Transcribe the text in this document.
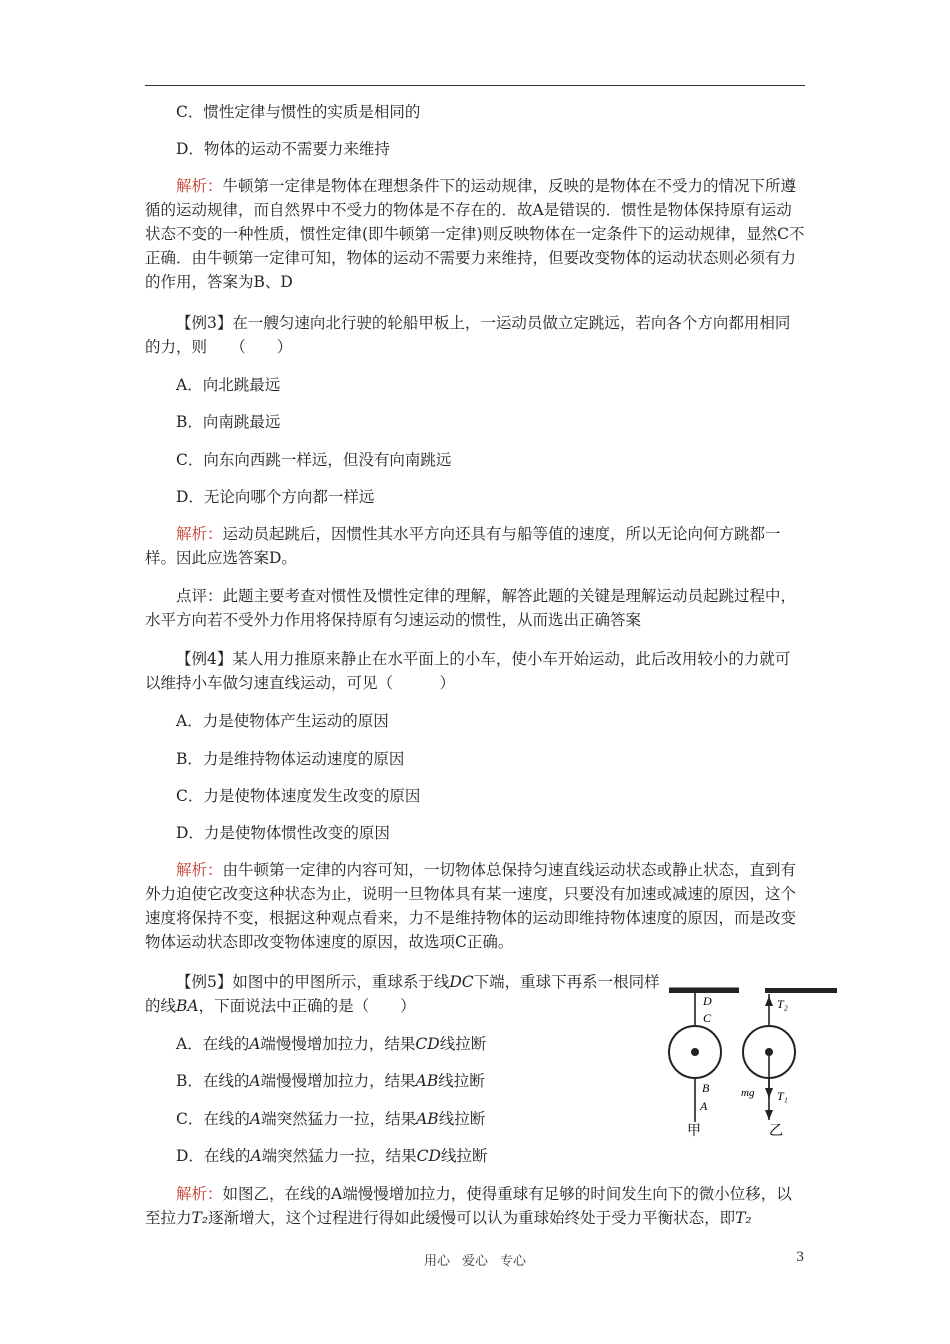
C．惯性定律与惯性的实质是相同的
D．物体的运动不需要力来维持
解析：牛顿第一定律是物体在理想条件下的运动规律，反映的是物体在不受力的情况下所遵循的运动规律，而自然界中不受力的物体是不存在的．故A是错误的．惯性是物体保持原有运动状态不变的一种性质，惯性定律(即牛顿第一定律)则反映物体在一定条件下的运动规律，显然C不正确．由牛顿第一定律可知，物体的运动不需要力来维持，但要改变物体的运动状态则必须有力的作用，答案为B、D
【例3】在一艘匀速向北行驶的轮船甲板上，一运动员做立定跳远，若向各个方向都用相同的力，则　　（　　）
A．向北跳最远
B．向南跳最远
C．向东向西跳一样远，但没有向南跳远
D．无论向哪个方向都一样远
解析：运动员起跳后，因惯性其水平方向还具有与船等值的速度，所以无论向何方跳都一样。因此应选答案D。
点评：此题主要考查对惯性及惯性定律的理解，解答此题的关键是理解运动员起跳过程中，水平方向若不受外力作用将保持原有匀速运动的惯性，从而选出正确答案
【例4】某人用力推原来静止在水平面上的小车，使小车开始运动，此后改用较小的力就可以维持小车做匀速直线运动，可见（　　　）
A．力是使物体产生运动的原因
B．力是维持物体运动速度的原因
C．力是使物体速度发生改变的原因
D．力是使物体惯性改变的原因
解析：由牛顿第一定律的内容可知，一切物体总保持匀速直线运动状态或静止状态，直到有外力迫使它改变这种状态为止，说明一旦物体具有某一速度，只要没有加速或减速的原因，这个速度将保持不变，根据这种观点看来，力不是维持物体的运动即维持物体速度的原因，而是改变物体运动状态即改变物体速度的原因，故选项C正确。
【例5】如图中的甲图所示，重球系于线DC下端，重球下再系一根同样的线BA，下面说法中正确的是（　　）
A．在线的A端慢慢增加拉力，结果CD线拉断
B．在线的A端慢慢增加拉力，结果AB线拉断
C．在线的A端突然猛力一拉，结果AB线拉断
D．在线的A端突然猛力一拉，结果CD线拉断
解析：如图乙，在线的A端慢慢增加拉力，使得重球有足够的时间发生向下的微小位移，以至拉力T₂逐渐增大，这个过程进行得如此缓慢可以认为重球始终处于受力平衡状态，即T₂
D
C
B
A
甲
T₂
mg T₁
乙
用心 爱心 专心	3
